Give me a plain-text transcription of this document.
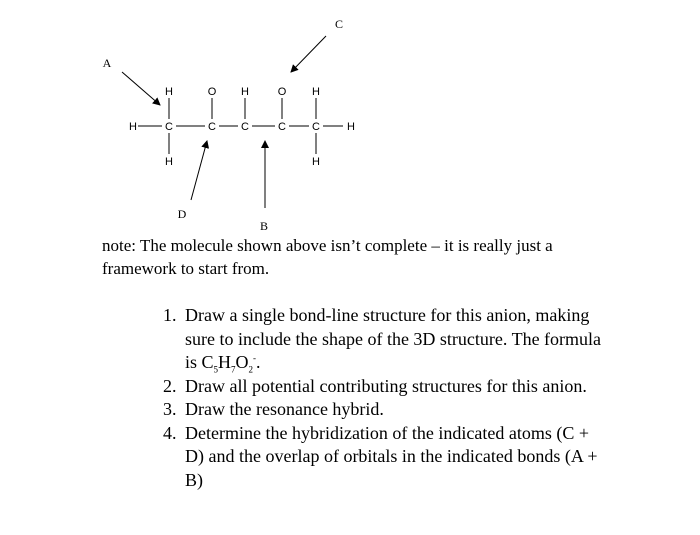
H	C	C C	C C H
H
H
O H	O H
H
A
B
C
D

note: The molecule shown above isn’t complete – it is really just a framework to start from.

1. Draw a single bond-line structure for this anion, making sure to include the shape of the 3D structure. The formula is $C_5H_7O_2^-$.
2. Draw all potential contributing structures for this anion.
3. Draw the resonance hybrid.
4. Determine the hybridization of the indicated atoms (C + D) and the overlap of orbitals in the indicated bonds (A + B)
